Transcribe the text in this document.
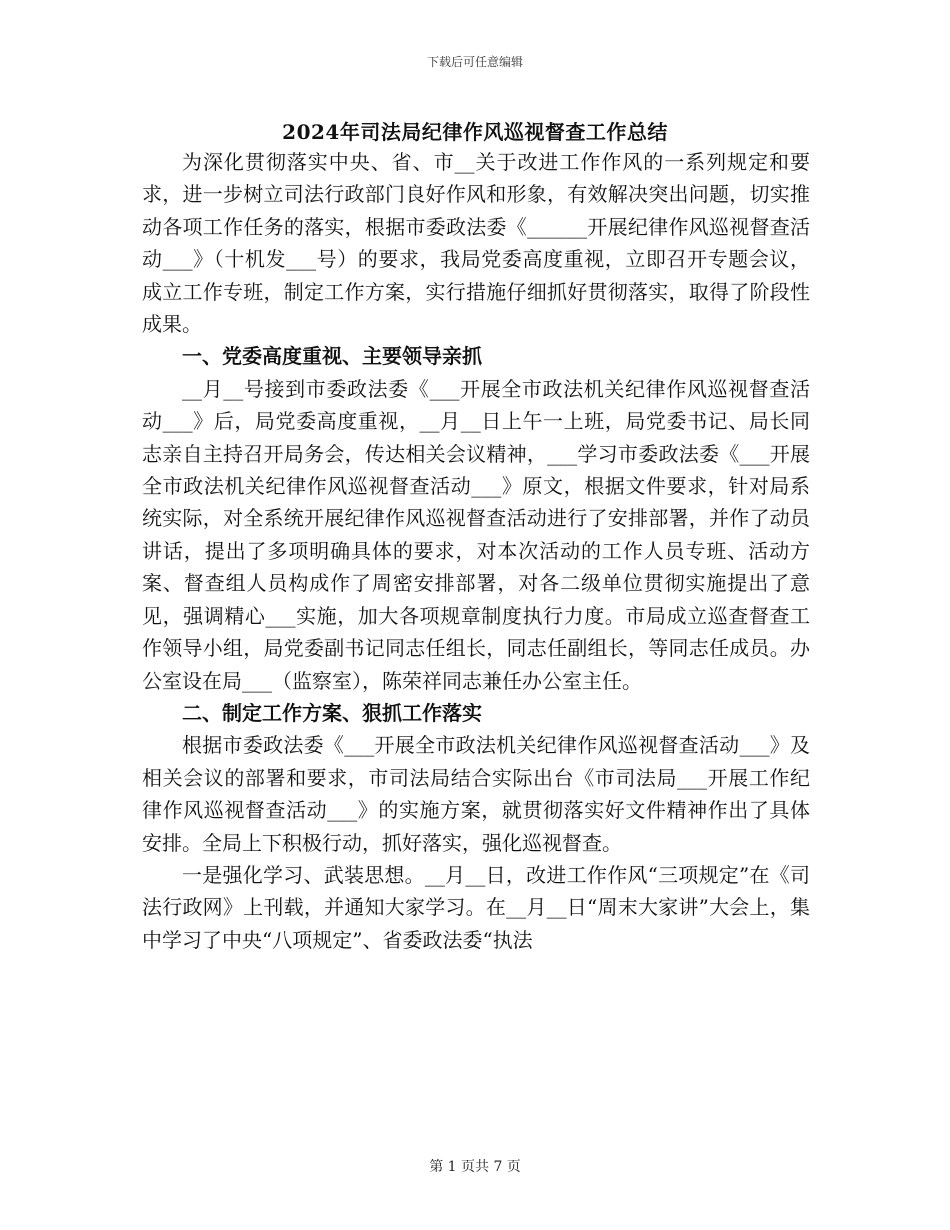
下载后可任意编辑
2024年司法局纪律作风巡视督查工作总结

为深化贯彻落实中央、省、市__关于改进工作作风的一系列规定和要求，进一步树立司法行政部门良好作风和形象，有效解决突出问题，切实推动各项工作任务的落实，根据市委政法委《______开展纪律作风巡视督查活动___》（十机发___号）的要求，我局党委高度重视，立即召开专题会议，成立工作专班，制定工作方案，实行措施仔细抓好贯彻落实，取得了阶段性成果。

一、党委高度重视、主要领导亲抓

__月__号接到市委政法委《___开展全市政法机关纪律作风巡视督查活动___》后，局党委高度重视，__月__日上午一上班，局党委书记、局长同志亲自主持召开局务会，传达相关会议精神，___学习市委政法委《___开展全市政法机关纪律作风巡视督查活动___》原文，根据文件要求，针对局系统实际，对全系统开展纪律作风巡视督查活动进行了安排部署，并作了动员讲话，提出了多项明确具体的要求，对本次活动的工作人员专班、活动方案、督查组人员构成作了周密安排部署，对各二级单位贯彻实施提出了意见，强调精心___实施，加大各项规章制度执行力度。市局成立巡查督查工作领导小组，局党委副书记同志任组长，同志任副组长，等同志任成员。办公室设在局___（监察室），陈荣祥同志兼任办公室主任。

二、制定工作方案、狠抓工作落实

根据市委政法委《___开展全市政法机关纪律作风巡视督查活动___》及相关会议的部署和要求，市司法局结合实际出台《市司法局___开展工作纪律作风巡视督查活动___》的实施方案，就贯彻落实好文件精神作出了具体安排。全局上下积极行动，抓好落实，强化巡视督查。

一是强化学习、武装思想。__月__日，改进工作作风“三项规定”在《司法行政网》上刊载，并通知大家学习。在__月__日“周末大家讲”大会上，集中学习了中央“八项规定”、省委政法委“执法

第 1 页共 7 页
